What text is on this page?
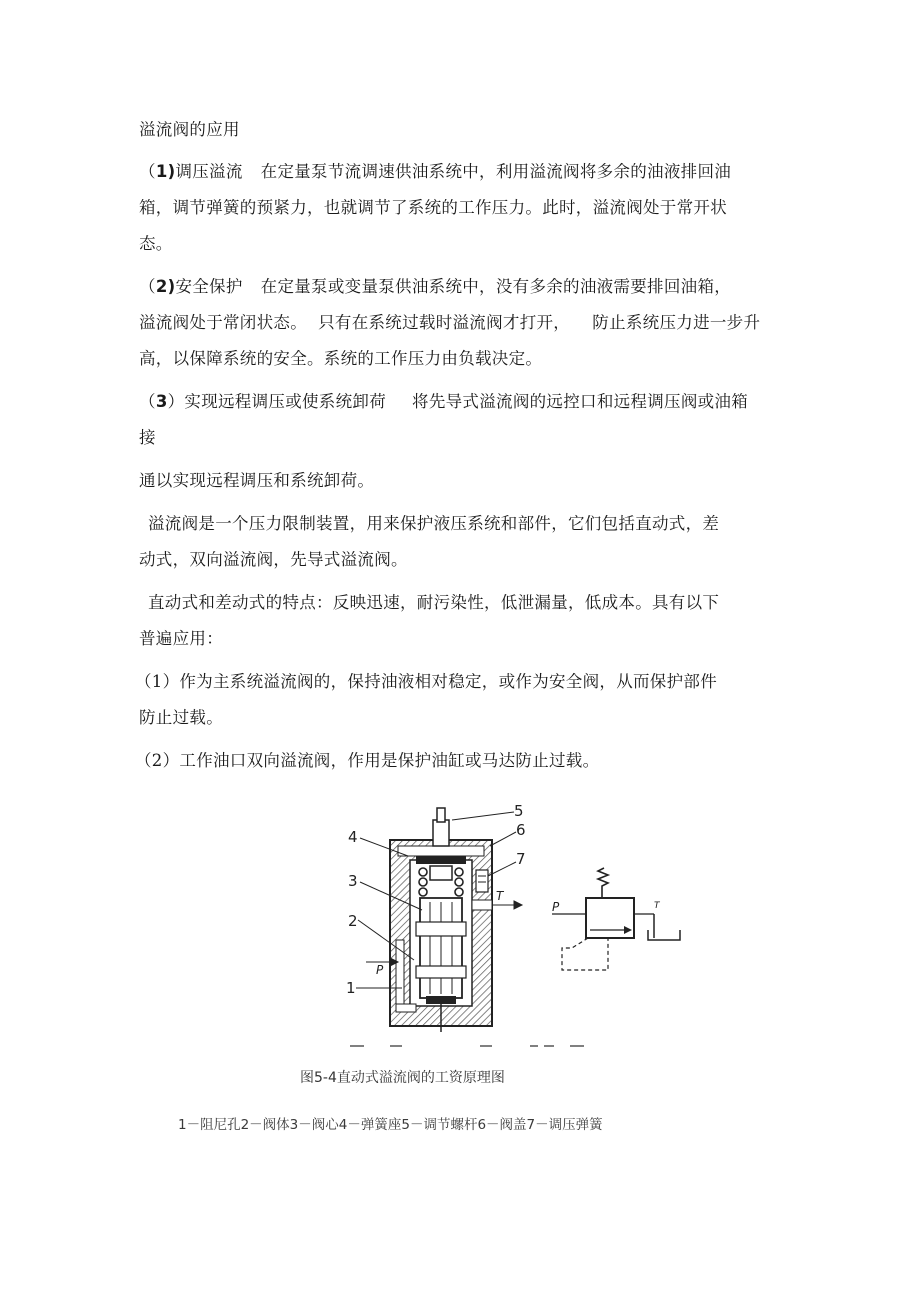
溢流阀的应用
（1)调压溢流 在定量泵节流调速供油系统中，利用溢流阀将多余的油液排回油
箱，调节弹簧的预紧力，也就调节了系统的工作压力。此时，溢流阀处于常开状
态。
（2)安全保护 在定量泵或变量泵供油系统中，没有多余的油液需要排回油箱，
溢流阀处于常闭状态。  只有在系统过载时溢流阀才打开，    防止系统压力进一步升
高，以保障系统的安全。系统的工作压力由负载决定。
（3）实现远程调压或使系统卸荷 将先导式溢流阀的远控口和远程调压阀或油箱
接
通以实现远程调压和系统卸荷。
溢流阀是一个压力限制装置，用来保护液压系统和部件，它们包括直动式，差
动式，双向溢流阀，先导式溢流阀。
直动式和差动式的特点：反映迅速，耐污染性，低泄漏量，低成本。具有以下
普遍应用：
（1）作为主系统溢流阀的，保持油液相对稳定，或作为安全阀，从而保护部件
防止过载。
（2）工作油口双向溢流阀，作用是保护油缸或马达防止过载。
5
6
7
4
3
2
1
T
P
P	T
图5-4直动式溢流阀的工资原理图
1－阻尼孔2－阀体3－阀心4－弹簧座5－调节螺杆6－阀盖7－调压弹簧
